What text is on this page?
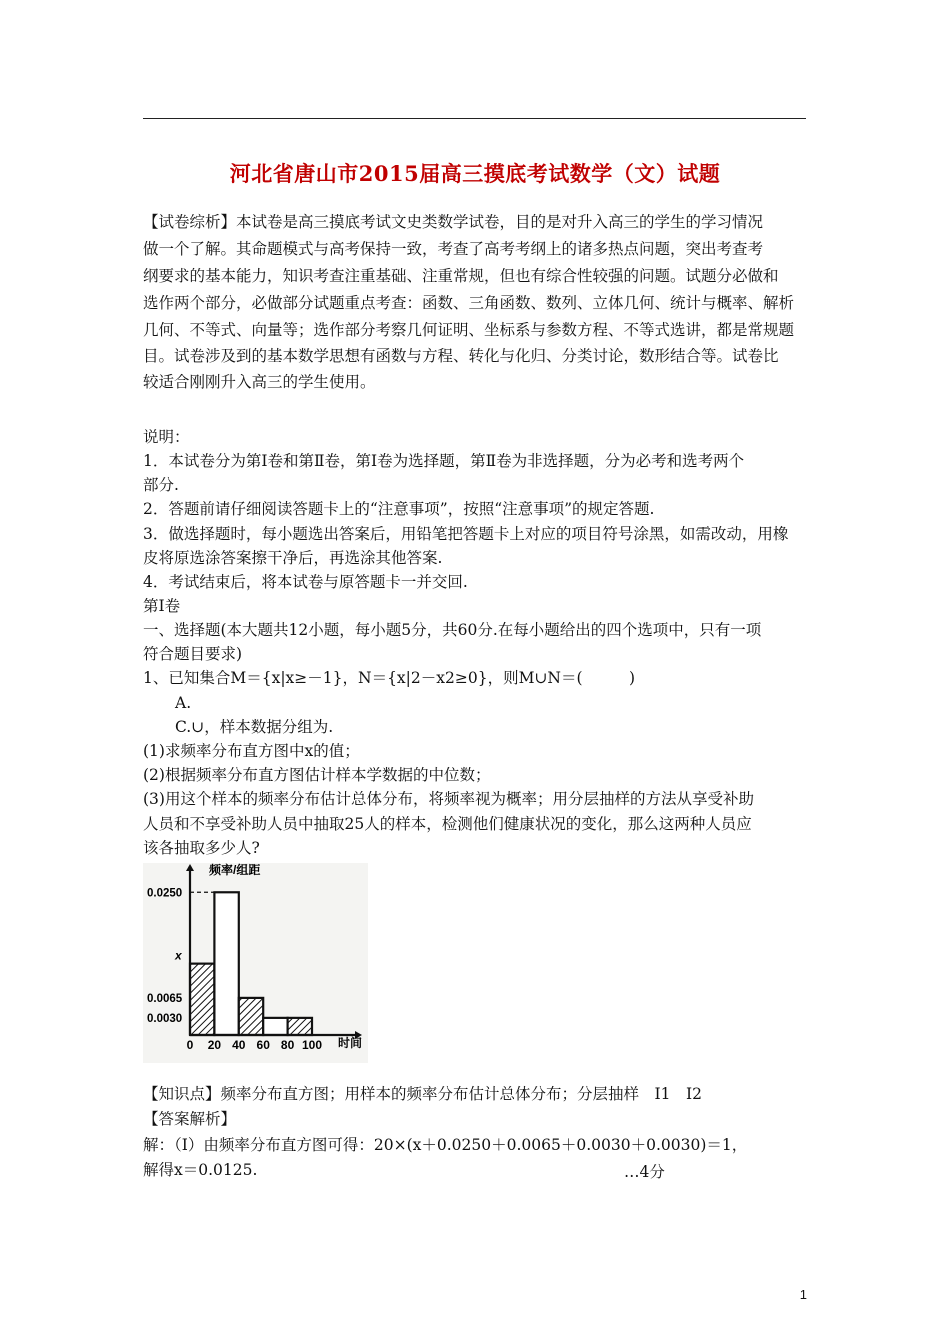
河北省唐山市2015届高三摸底考试数学（文）试题
【试卷综析】本试卷是高三摸底考试文史类数学试卷，目的是对升入高三的学生的学习情况
做一个了解。其命题模式与高考保持一致，考查了高考考纲上的诸多热点问题，突出考查考
纲要求的基本能力，知识考查注重基础、注重常规，但也有综合性较强的问题。试题分必做和
选作两个部分，必做部分试题重点考查：函数、三角函数、数列、立体几何、统计与概率、解析
几何、不等式、向量等；选作部分考察几何证明、坐标系与参数方程、不等式选讲，都是常规题
目。试卷涉及到的基本数学思想有函数与方程、转化与化归、分类讨论，数形结合等。试卷比
较适合刚刚升入高三的学生使用。
说明：
1．本试卷分为第Ⅰ卷和第Ⅱ卷，第Ⅰ卷为选择题，第Ⅱ卷为非选择题，分为必考和选考两个
部分.
2．答题前请仔细阅读答题卡上的“注意事项”，按照“注意事项”的规定答题.
3．做选择题时，每小题选出答案后，用铅笔把答题卡上对应的项目符号涂黑，如需改动，用橡
皮将原选涂答案擦干净后，再选涂其他答案.
4．考试结束后，将本试卷与原答题卡一并交回.
第Ⅰ卷
一、选择题(本大题共12小题，每小题5分，共60分.在每小题给出的四个选项中，只有一项
符合题目要求)
1、已知集合M＝{x|x≥－1}，N＝{x|2－x2≥0}，则M∪N＝(　　　)
A.
C.∪，样本数据分组为.
(1)求频率分布直方图中x的值；
(2)根据频率分布直方图估计样本学数据的中位数；
(3)用这个样本的频率分布估计总体分布，将频率视为概率；用分层抽样的方法从享受补助
人员和不享受补助人员中抽取25人的样本，检测他们健康状况的变化，那么这两种人员应
该各抽取多少人?
0 20 40 60 80 100
0.0250
x
0.0065
0.0030
频率/组距
时间
【知识点】频率分布直方图；用样本的频率分布估计总体分布；分层抽样　I1　I2
【答案解析】
解：（Ⅰ）由频率分布直方图可得：20×(x＋0.0250＋0.0065＋0.0030＋0.0030)＝1，
解得x＝0.0125.	…4分
1
